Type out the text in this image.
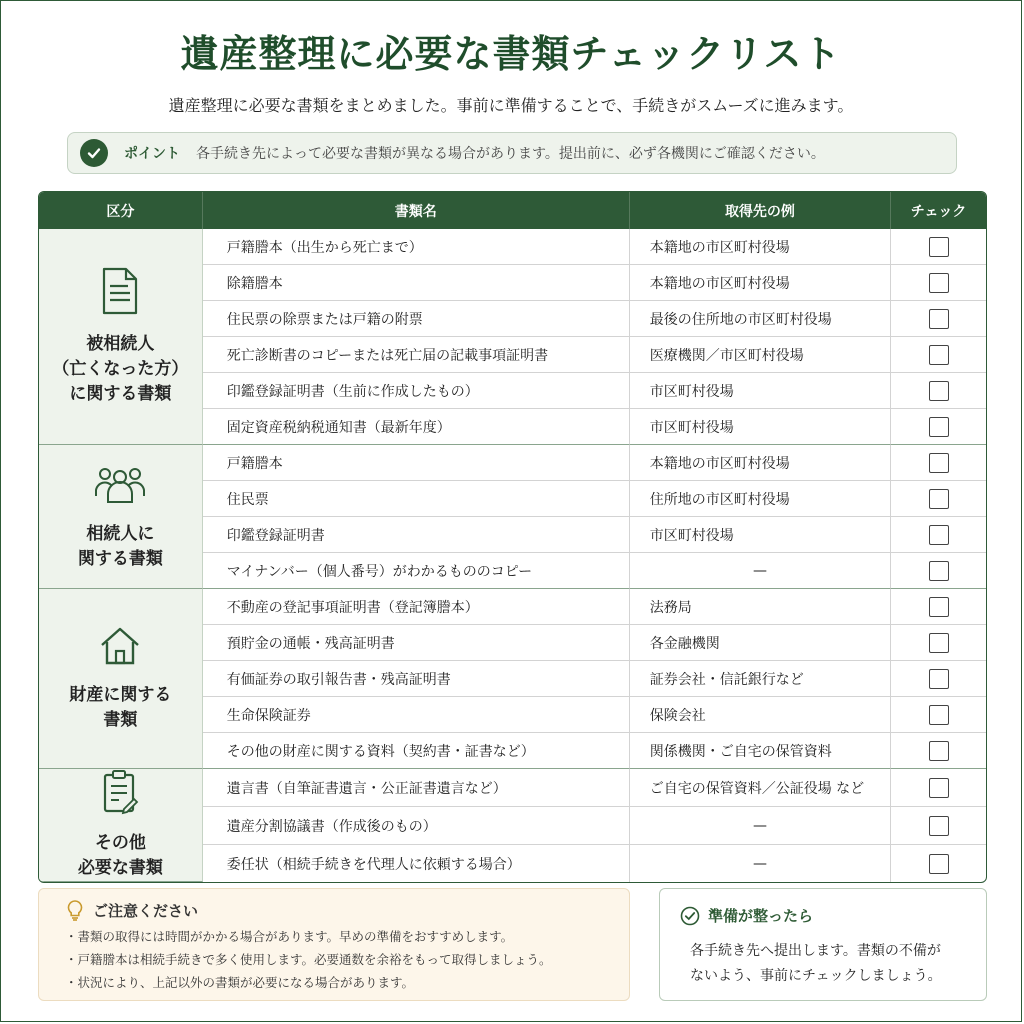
遺産整理に必要な書類チェックリスト
遺産整理に必要な書類をまとめました。事前に準備することで、手続きがスムーズに進みます。
ポイント 各手続き先によって必要な書類が異なる場合があります。提出前に、必ず各機関にご確認ください。
区分	書類名	取得先の例	チェック

被相続人
（亡くなった方）
に関する書類	戸籍謄本（出生から死亡まで）	本籍地の市区町村役場	
	除籍謄本	本籍地の市区町村役場	
	住民票の除票または戸籍の附票	最後の住所地の市区町村役場	
	死亡診断書のコピーまたは死亡届の記載事項証明書	医療機関／市区町村役場	
	印鑑登録証明書（生前に作成したもの）	市区町村役場	
	固定資産税納税通知書（最新年度）	市区町村役場	

相続人に
関する書類	戸籍謄本	本籍地の市区町村役場	
	住民票	住所地の市区町村役場	
	印鑑登録証明書	市区町村役場	
	マイナンバー（個人番号）がわかるもののコピー	—	

財産に関する
書類	不動産の登記事項証明書（登記簿謄本）	法務局	
	預貯金の通帳・残高証明書	各金融機関	
	有価証券の取引報告書・残高証明書	証券会社・信託銀行など	
	生命保険証券	保険会社	
	その他の財産に関する資料（契約書・証書など）	関係機関・ご自宅の保管資料	

その他
必要な書類	遺言書（自筆証書遺言・公正証書遺言など）	ご自宅の保管資料／公証役場 など	
	遺産分割協議書（作成後のもの）	—	
	委任状（相続手続きを代理人に依頼する場合）	—	
ご注意ください
・ 書類の取得には時間がかかる場合があります。早めの準備をおすすめします。
・ 戸籍謄本は相続手続きで多く使用します。必要通数を余裕をもって取得しましょう。
・ 状況により、上記以外の書類が必要になる場合があります。
準備が整ったら
各手続き先へ提出します。書類の不備が
ないよう、事前にチェックしましょう。
